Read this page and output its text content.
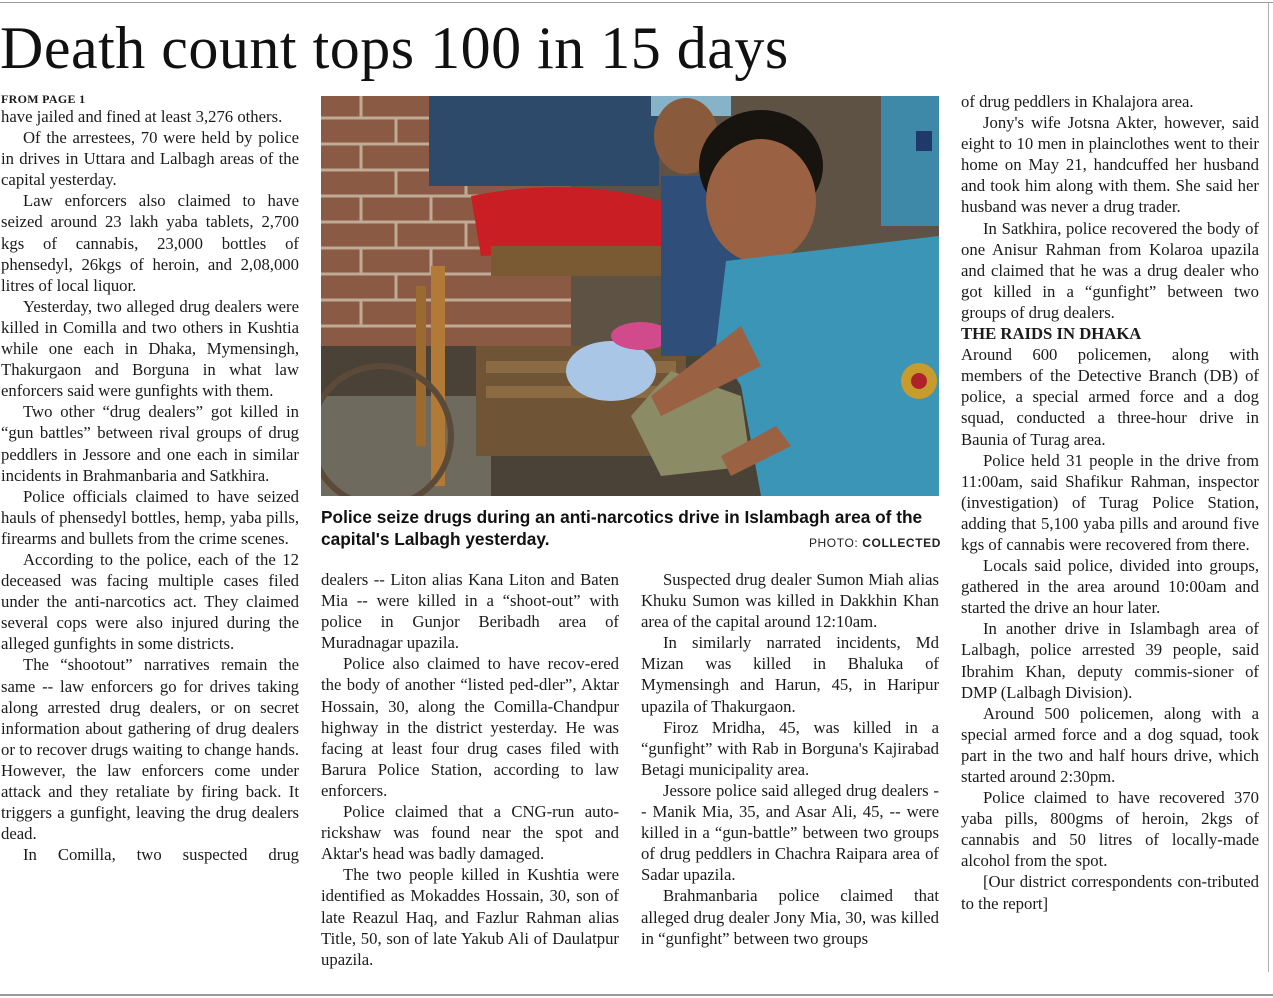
Death count tops 100 in 15 days

FROM PAGE 1

have jailed and fined at least 3,276 others.

Of the arrestees, 70 were held by police in drives in Uttara and Lalbagh areas of the capital yesterday.

Law enforcers also claimed to have seized around 23 lakh yaba tablets, 2,700 kgs of cannabis, 23,000 bottles of phensedyl, 26kgs of heroin, and 2,08,000 litres of local liquor.

Yesterday, two alleged drug dealers were killed in Comilla and two others in Kushtia while one each in Dhaka, Mymensingh, Thakurgaon and Borguna in what law enforcers said were gunfights with them.

Two other “drug dealers” got killed in “gun battles” between rival groups of drug peddlers in Jessore and one each in similar incidents in Brahmanbaria and Satkhira.

Police officials claimed to have seized hauls of phensedyl bottles, hemp, yaba pills, firearms and bullets from the crime scenes.

According to the police, each of the 12 deceased was facing multiple cases filed under the anti-narcotics act. They claimed several cops were also injured during the alleged gunfights in some districts.

The “shootout” narratives remain the same -- law enforcers go for drives taking along arrested drug dealers, or on secret information about gathering of drug dealers or to recover drugs waiting to change hands. However, the law enforcers come under attack and they retaliate by firing back. It triggers a gunfight, leaving the drug dealers dead.

In Comilla, two suspected drug

Police seize drugs during an anti-narcotics drive in Islambagh area of the capital's Lalbagh yesterday.	PHOTO: COLLECTED

dealers -- Liton alias Kana Liton and Baten Mia -- were killed in a “shoot-out” with police in Gunjor Beribadh area of Muradnagar upazila.

Police also claimed to have recov-ered the body of another “listed ped-dler”, Aktar Hossain, 30, along the Comilla-Chandpur highway in the district yesterday. He was facing at least four drug cases filed with Barura Police Station, according to law enforcers.

Police claimed that a CNG-run auto-rickshaw was found near the spot and Aktar's head was badly damaged.

The two people killed in Kushtia were identified as Mokaddes Hossain, 30, son of late Reazul Haq, and Fazlur Rahman alias Title, 50, son of late Yakub Ali of Daulatpur upazila.

Suspected drug dealer Sumon Miah alias Khuku Sumon was killed in Dakkhin Khan area of the capital around 12:10am.

In similarly narrated incidents, Md Mizan was killed in Bhaluka of Mymensingh and Harun, 45, in Haripur upazila of Thakurgaon.

Firoz Mridha, 45, was killed in a “gunfight” with Rab in Borguna's Kajirabad Betagi municipality area.

Jessore police said alleged drug dealers -- Manik Mia, 35, and Asar Ali, 45, -- were killed in a “gun-battle” between two groups of drug peddlers in Chachra Raipara area of Sadar upazila.

Brahmanbaria police claimed that alleged drug dealer Jony Mia, 30, was killed in “gunfight” between two groups

of drug peddlers in Khalajora area.

Jony's wife Jotsna Akter, however, said eight to 10 men in plainclothes went to their home on May 21, handcuffed her husband and took him along with them. She said her husband was never a drug trader.

In Satkhira, police recovered the body of one Anisur Rahman from Kolaroa upazila and claimed that he was a drug dealer who got killed in a “gunfight” between two groups of drug dealers.

THE RAIDS IN DHAKA

Around 600 policemen, along with members of the Detective Branch (DB) of police, a special armed force and a dog squad, conducted a three-hour drive in Baunia of Turag area.

Police held 31 people in the drive from 11:00am, said Shafikur Rahman, inspector (investigation) of Turag Police Station, adding that 5,100 yaba pills and around five kgs of cannabis were recovered from there.

Locals said police, divided into groups, gathered in the area around 10:00am and started the drive an hour later.

In another drive in Islambagh area of Lalbagh, police arrested 39 people, said Ibrahim Khan, deputy commis-sioner of DMP (Lalbagh Division).

Around 500 policemen, along with a special armed force and a dog squad, took part in the two and half hours drive, which started around 2:30pm.

Police claimed to have recovered 370 yaba pills, 800gms of heroin, 2kgs of cannabis and 50 litres of locally-made alcohol from the spot.

[Our district correspondents con-tributed to the report]
